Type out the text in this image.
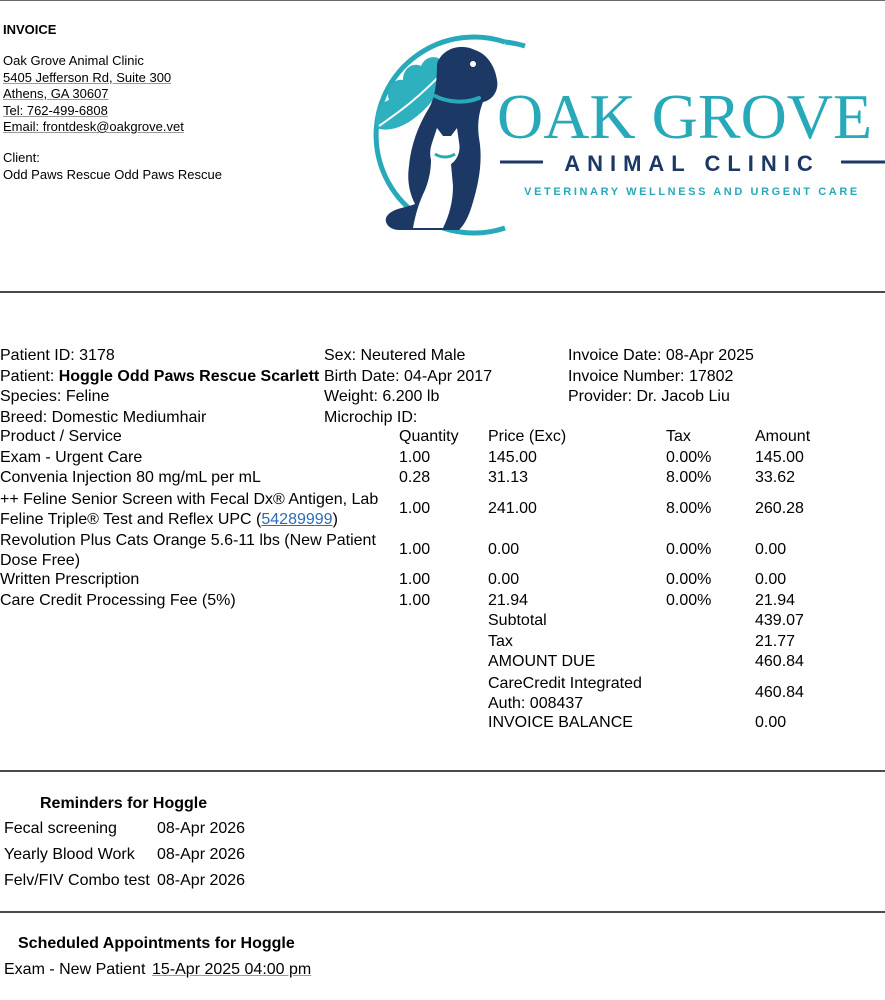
INVOICE
Oak Grove Animal Clinic
5405 Jefferson Rd, Suite 300
Athens, GA 30607
Tel: 762-499-6808
Email: frontdesk@oakgrove.vet
Client:
Odd Paws Rescue Odd Paws Rescue
OAK GROVE
ANIMAL CLINIC
VETERINARY WELLNESS AND URGENT CARE
Patient ID: 3178
Patient: Hoggle Odd Paws Rescue Scarlett
Species: Feline
Breed: Domestic Mediumhair
Sex: Neutered Male
Birth Date: 04-Apr 2017
Weight: 6.200 lb
Microchip ID:
Invoice Date: 08-Apr 2025
Invoice Number: 17802
Provider: Dr. Jacob Liu
Product / Service	Quantity Price (Exc)	Tax	Amount
Exam - Urgent Care	1.00	145.00	0.00%	145.00
Convenia Injection 80 mg/mL per mL	0.28	31.13	8.00%	33.62
++ Feline Senior Screen with Fecal Dx® Antigen, Lab
Feline Triple® Test and Reflex UPC (54289999)
1.00	241.00	8.00%	260.28
Revolution Plus Cats Orange 5.6-11 lbs (New Patient
Dose Free)
1.00	0.00	0.00%	0.00
Written Prescription	1.00	0.00	0.00%	0.00
Care Credit Processing Fee (5%)	1.00	21.94	0.00%	21.94
Subtotal	439.07
Tax	21.77
AMOUNT DUE	460.84
CareCredit Integrated
Auth: 008437
460.84
INVOICE BALANCE	0.00
Reminders for Hoggle
Fecal screening	08-Apr 2026
Yearly Blood Work 08-Apr 2026
Felv/FIV Combo test 08-Apr 2026
Scheduled Appointments for Hoggle
Exam - New Patient 15-Apr 2025 04:00 pm
